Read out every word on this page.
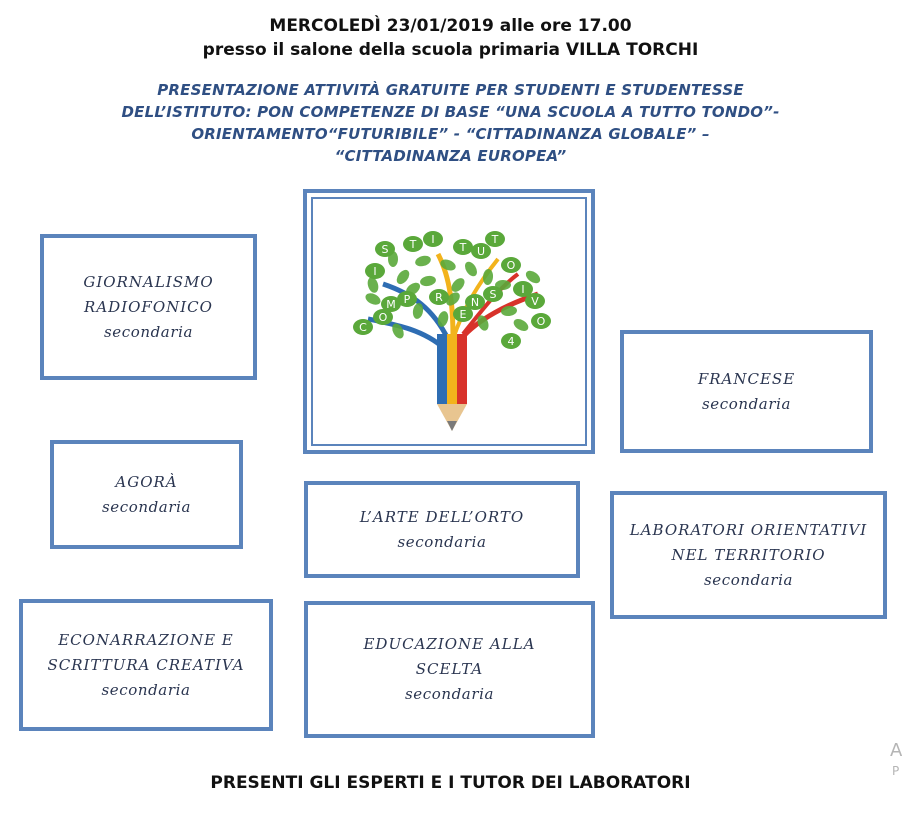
MERCOLEDÌ 23/01/2019 alle ore 17.00
presso il salone della scuola primaria VILLA TORCHI
PRESENTAZIONE ATTIVITÀ GRATUITE PER STUDENTI E STUDENTESSE
DELL’ISTITUTO: PON COMPETENZE DI BASE “UNA SCUOLA A TUTTO TONDO”-
ORIENTAMENTO“FUTURIBILE” - “CITTADINANZA GLOBALE” –
“CITTADINANZA EUROPEA”
I
S T I
T U
T
O
C
O
M P R
E
N
S I
V
O
4
GIORNALISMO
RADIOFONICO
secondaria
FRANCESE
secondaria
AGORÀ
secondaria
L’ARTE DELL’ORTO
secondaria
LABORATORI ORIENTATIVI
NEL TERRITORIO
secondaria
ECONARRAZIONE E
SCRITTURA CREATIVA
secondaria
EDUCAZIONE ALLA
SCELTA
secondaria
A
P
PRESENTI GLI ESPERTI E I TUTOR DEI LABORATORI
